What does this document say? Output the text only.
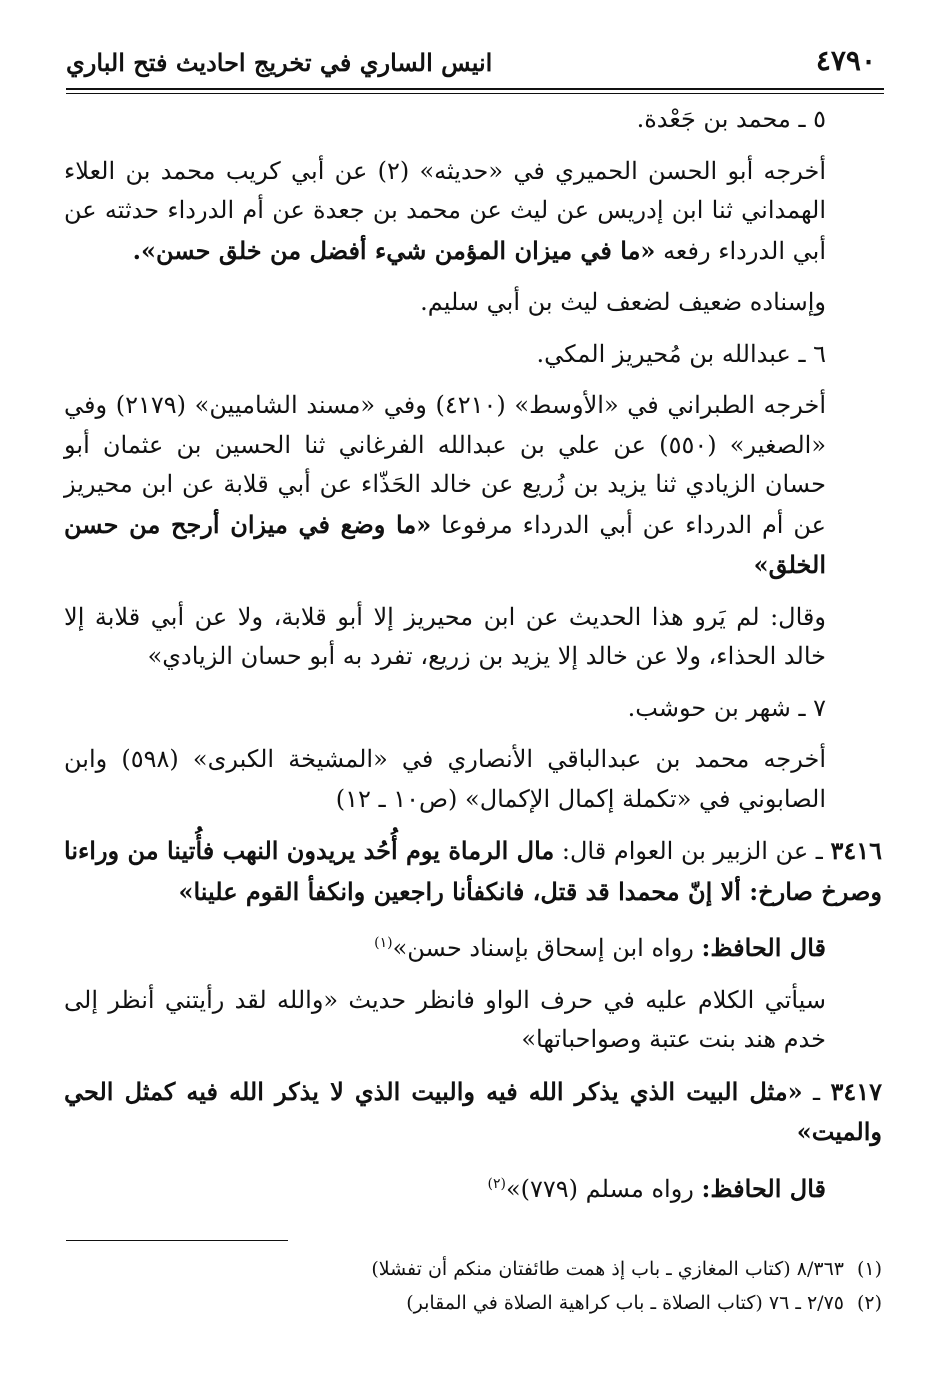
٤٧٩٠
انيس الساري في تخريج احاديث فتح الباري

٥ ـ محمد بن جَعْدة.

أخرجه أبو الحسن الحميري في «حديثه» (٢) عن أبي كريب محمد بن العلاء الهمداني ثنا ابن إدريس عن ليث عن محمد بن جعدة عن أم الدرداء حدثته عن أبي الدرداء رفعه «ما في ميزان المؤمن شيء أفضل من خلق حسن».

وإسناده ضعيف لضعف ليث بن أبي سليم.

٦ ـ عبدالله بن مُحيريز المكي.

أخرجه الطبراني في «الأوسط» (٤٢١٠) وفي «مسند الشاميين» (٢١٧٩) وفي «الصغير» (٥٥٠) عن علي بن عبدالله الفرغاني ثنا الحسين بن عثمان أبو حسان الزيادي ثنا يزيد بن زُريع عن خالد الحَذّاء عن أبي قلابة عن ابن محيريز عن أم الدرداء عن أبي الدرداء مرفوعا «ما وضع في ميزان أرجح من حسن الخلق»

وقال: لم يَرو هذا الحديث عن ابن محيريز إلا أبو قلابة، ولا عن أبي قلابة إلا خالد الحذاء، ولا عن خالد إلا يزيد بن زريع، تفرد به أبو حسان الزيادي»

٧ ـ شهر بن حوشب.

أخرجه محمد بن عبدالباقي الأنصاري في «المشيخة الكبرى» (٥٩٨) وابن الصابوني في «تكملة إكمال الإكمال» (ص١٠ ـ ١٢)

٣٤١٦ ـ عن الزبير بن العوام قال: مال الرماة يوم أُحُد يريدون النهب فأُتينا من وراءنا وصرخ صارخ: ألا إنّ محمدا قد قتل، فانكفأنا راجعين وانكفأ القوم علينا»

قال الحافظ: رواه ابن إسحاق بإسناد حسن»$^{(١)}$

سيأتي الكلام عليه في حرف الواو فانظر حديث «والله لقد رأيتني أنظر إلى خدم هند بنت عتبة وصواحباتها»

٣٤١٧ ـ «مثل البيت الذي يذكر الله فيه والبيت الذي لا يذكر الله فيه كمثل الحي والميت»

قال الحافظ: رواه مسلم (٧٧٩)»$^{(٢)}$

(١)٨/٣٦٣ (كتاب المغازي ـ باب إذ همت طائفتان منكم أن تفشلا)

(٢)٢/٧٥ ـ ٧٦ (كتاب الصلاة ـ باب كراهية الصلاة في المقابر)
